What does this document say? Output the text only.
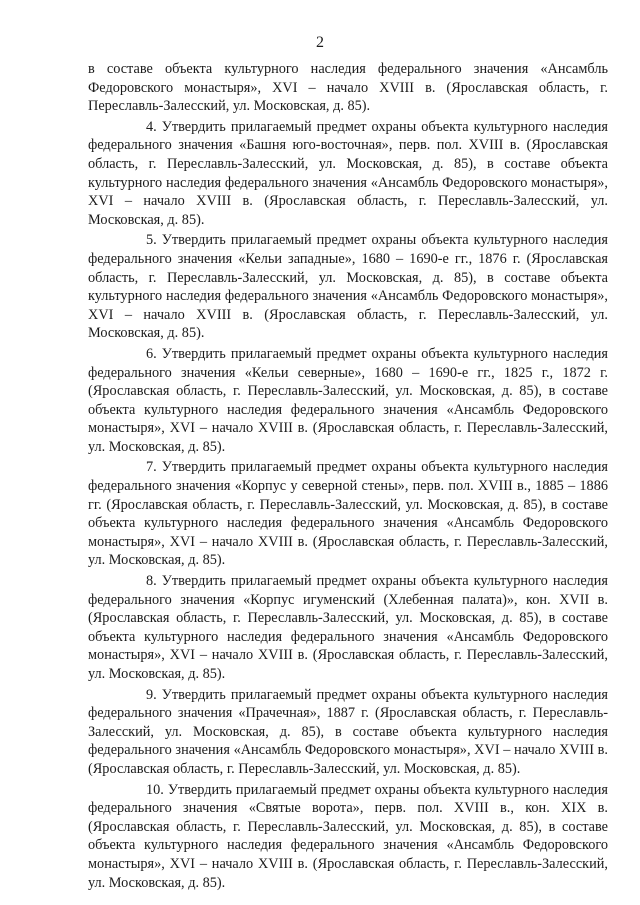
2

в составе объекта культурного наследия федерального значения «Ансамбль Федоровского монастыря», XVI – начало XVIII в. (Ярославская область, г. Переславль-Залесский, ул. Московская, д. 85).

4. Утвердить прилагаемый предмет охраны объекта культурного наследия федерального значения «Башня юго-восточная», перв. пол. XVIII в. (Ярославская область, г. Переславль-Залесский, ул. Московская, д. 85), в составе объекта культурного наследия федерального значения «Ансамбль Федоровского монастыря», XVI – начало XVIII в. (Ярославская область, г. Переславль-Залесский, ул. Московская, д. 85).

5. Утвердить прилагаемый предмет охраны объекта культурного наследия федерального значения «Кельи западные», 1680 – 1690-е гг., 1876 г. (Ярославская область, г. Переславль-Залесский, ул. Московская, д. 85), в составе объекта культурного наследия федерального значения «Ансамбль Федоровского монастыря», XVI – начало XVIII в. (Ярославская область, г. Переславль-Залесский, ул. Московская, д. 85).

6. Утвердить прилагаемый предмет охраны объекта культурного наследия федерального значения «Кельи северные», 1680 – 1690-е гг., 1825 г., 1872 г. (Ярославская область, г. Переславль-Залесский, ул. Московская, д. 85), в составе объекта культурного наследия федерального значения «Ансамбль Федоровского монастыря», XVI – начало XVIII в. (Ярославская область, г. Переславль-Залесский, ул. Московская, д. 85).

7. Утвердить прилагаемый предмет охраны объекта культурного наследия федерального значения «Корпус у северной стены», перв. пол. XVIII в., 1885 – 1886 гг. (Ярославская область, г. Переславль-Залесский, ул. Московская, д. 85), в составе объекта культурного наследия федерального значения «Ансамбль Федоровского монастыря», XVI – начало XVIII в. (Ярославская область, г. Переславль-Залесский, ул. Московская, д. 85).

8. Утвердить прилагаемый предмет охраны объекта культурного наследия федерального значения «Корпус игуменский (Хлебенная палата)», кон. XVII в. (Ярославская область, г. Переславль-Залесский, ул. Московская, д. 85), в составе объекта культурного наследия федерального значения «Ансамбль Федоровского монастыря», XVI – начало XVIII в. (Ярославская область, г. Переславль-Залесский, ул. Московская, д. 85).

9. Утвердить прилагаемый предмет охраны объекта культурного наследия федерального значения «Прачечная», 1887 г. (Ярославская область, г. Переславль-Залесский, ул. Московская, д. 85), в составе объекта культурного наследия федерального значения «Ансамбль Федоровского монастыря», XVI – начало XVIII в. (Ярославская область, г. Переславль-Залесский, ул. Московская, д. 85).

10. Утвердить прилагаемый предмет охраны объекта культурного наследия федерального значения «Святые ворота», перв. пол. XVIII в., кон. XIX в. (Ярославская область, г. Переславль-Залесский, ул. Московская, д. 85), в составе объекта культурного наследия федерального значения «Ансамбль Федоровского монастыря», XVI – начало XVIII в. (Ярославская область, г. Переславль-Залесский, ул. Московская, д. 85).
